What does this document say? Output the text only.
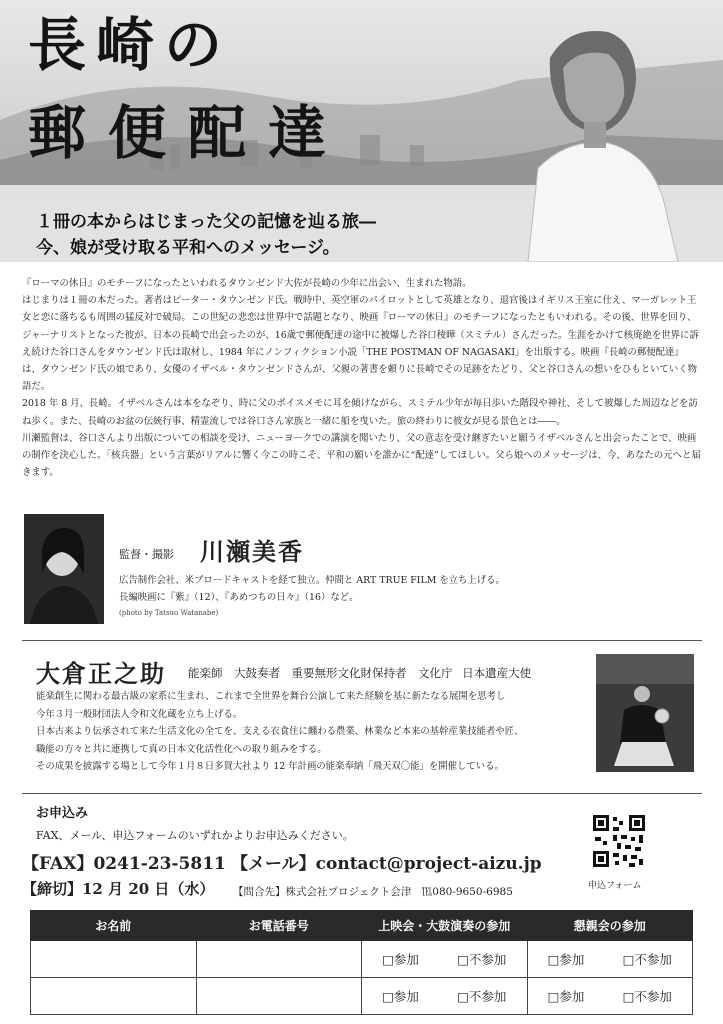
長崎の
郵便配達
１冊の本からはじまった父の記憶を辿る旅―
今、娘が受け取る平和へのメッセージ。

『ローマの休日』のモチーフになったといわれるタウンゼンド大佐が長崎の少年に出会い、生まれた物語。

はじまりは１冊の本だった。著者はピーター・タウンゼンド氏。戦時中、英空軍のパイロットとして英雄となり、退官後はイギリス王室に仕え、マーガレット王女と恋に落ちるも周囲の猛反対で破局。この世紀の悲恋は世界中で話題となり、映画『ローマの休日』のモチーフになったともいわれる。その後、世界を回り、ジャーナリストとなった彼が、日本の長崎で出会ったのが、16歳で郵便配達の途中に被爆した谷口稜曄（スミテル）さんだった。生涯をかけて核廃絶を世界に訴え続けた谷口さんをタウンゼンド氏は取材し、1984 年にノンフィクション小説「THE POSTMAN OF NAGASAKI」を出版する。映画『長崎の郵便配達』は、タウンゼンド氏の娘であり、女優のイザベル・タウンゼンドさんが、父親の著書を頼りに長崎でその足跡をたどり、父と谷口さんの想いをひもといていく物語だ。

2018 年 8 月、長崎。イザベルさんは本をなぞり、時に父のボイスメモに耳を傾けながら、スミテル少年が毎日歩いた階段や神社、そして被爆した周辺などを訪ね歩く。また、長崎のお盆の伝統行事、精霊流しでは谷口さん家族と一緒に船を曳いた。旅の終わりに彼女が見る景色とは――。

川瀬監督は、谷口さんより出版についての相談を受け、ニューヨークでの講演を聞いたり、父の意志を受け継ぎたいと願うイザベルさんと出会ったことで、映画の制作を決心した。「核兵器」という言葉がリアルに響く今この時こそ、平和の願いを誰かに“配達”してほしい。父ら娘へのメッセージは、今、あなたの元へと届きます。

監督・撮影 川瀬美香
広告制作会社、米ブロードキャストを経て独立。仲間と ART TRUE FILM を立ち上げる。
長編映画に『紫』（12）、『あめつちの日々』（16）など。
(photo by Tatsuo Watanabe)
大倉正之助 能楽師　大鼓奏者　重要無形文化財保持者　文化庁 日本遺産大使
能楽創生に関わる最古級の家系に生まれ、これまで全世界を舞台公演して来た経験を基に新たなる展開を思考し
今年３月一般財団法人令和文化蔵を立ち上げる。
日本古来より伝承されて来た生活文化の全てを、支える衣食住に纏わる農業、林業など本来の基幹産業技能者や匠、
職能の方々と共に連携して真の日本文化活性化への取り組みをする。
その成果を披露する場として今年１月８日多賀大社より 12 年計画の能楽奉納「飛天双〇能」を開催している。
お申込み
FAX、メール、申込フォームのいずれかよりお申込みください。
【FAX】0241-23-5811 【メール】contact@project-aizu.jp
【締切】12 月 20 日（水） 【問合先】株式会社プロジェクト会津　℡080-9650-6985	申込フォーム
お名前	お電話番号	上映会・大鼓演奏の参加	懇親会の参加

		□参加 □不参加	□参加 □不参加

		□参加 □不参加	□参加 □不参加
